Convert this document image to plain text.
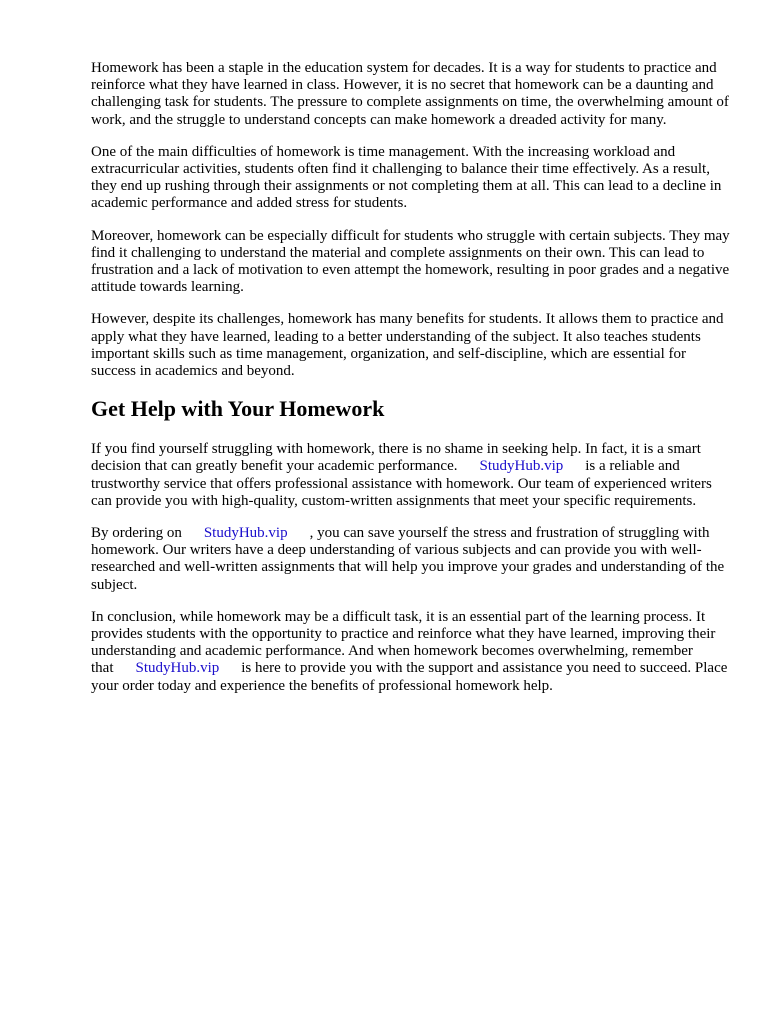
Homework has been a staple in the education system for decades. It is a way for students to practice and reinforce what they have learned in class. However, it is no secret that homework can be a daunting and challenging task for students. The pressure to complete assignments on time, the overwhelming amount of work, and the struggle to understand concepts can make homework a dreaded activity for many.

One of the main difficulties of homework is time management. With the increasing workload and extracurricular activities, students often find it challenging to balance their time effectively. As a result, they end up rushing through their assignments or not completing them at all. This can lead to a decline in academic performance and added stress for students.

Moreover, homework can be especially difficult for students who struggle with certain subjects. They may find it challenging to understand the material and complete assignments on their own. This can lead to frustration and a lack of motivation to even attempt the homework, resulting in poor grades and a negative attitude towards learning.

However, despite its challenges, homework has many benefits for students. It allows them to practice and apply what they have learned, leading to a better understanding of the subject. It also teaches students important skills such as time management, organization, and self-discipline, which are essential for success in academics and beyond.

Get Help with Your Homework

If you find yourself struggling with homework, there is no shame in seeking help. In fact, it is a smart decision that can greatly benefit your academic performance. StudyHub.vip is a reliable and trustworthy service that offers professional assistance with homework. Our team of experienced writers can provide you with high-quality, custom-written assignments that meet your specific requirements.

By ordering on StudyHub.vip , you can save yourself the stress and frustration of struggling with homework. Our writers have a deep understanding of various subjects and can provide you with well-researched and well-written assignments that will help you improve your grades and understanding of the subject.

In conclusion, while homework may be a difficult task, it is an essential part of the learning process. It provides students with the opportunity to practice and reinforce what they have learned, improving their understanding and academic performance. And when homework becomes overwhelming, remember that StudyHub.vip is here to provide you with the support and assistance you need to succeed. Place your order today and experience the benefits of professional homework help.
